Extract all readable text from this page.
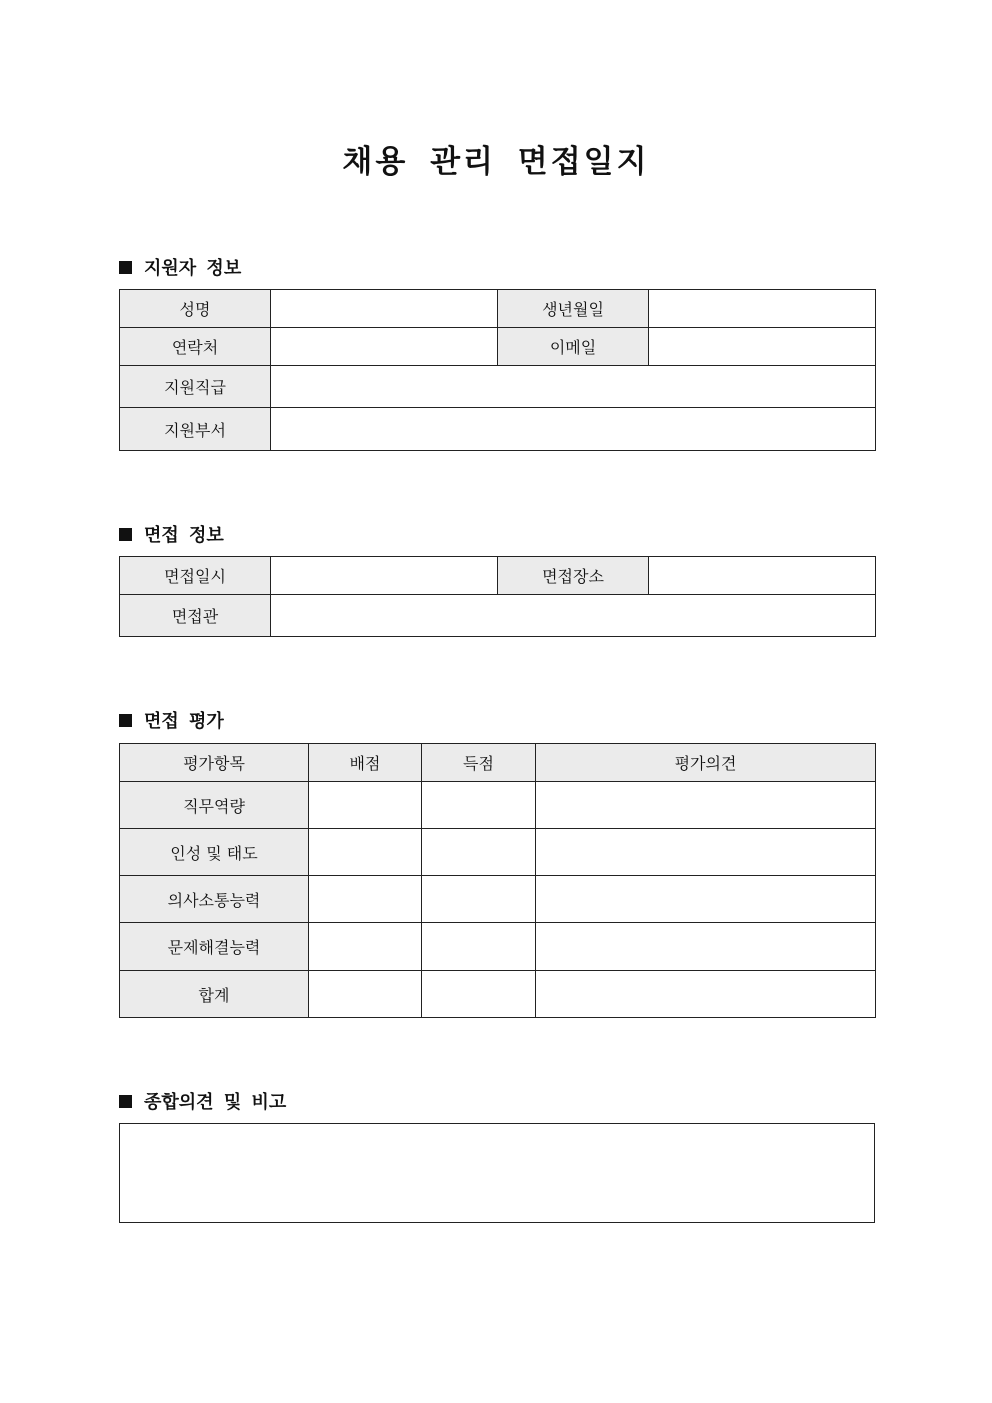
채용 관리 면접일지
지원자 정보
성명		생년월일	
연락처		이메일	
지원직급			
지원부서			
면접 정보
면접일시		면접장소	
면접관			
면접 평가
평가항목	배점	득점	평가의견
직무역량			
인성 및 태도			
의사소통능력			
문제해결능력			
합계			
종합의견 및 비고
